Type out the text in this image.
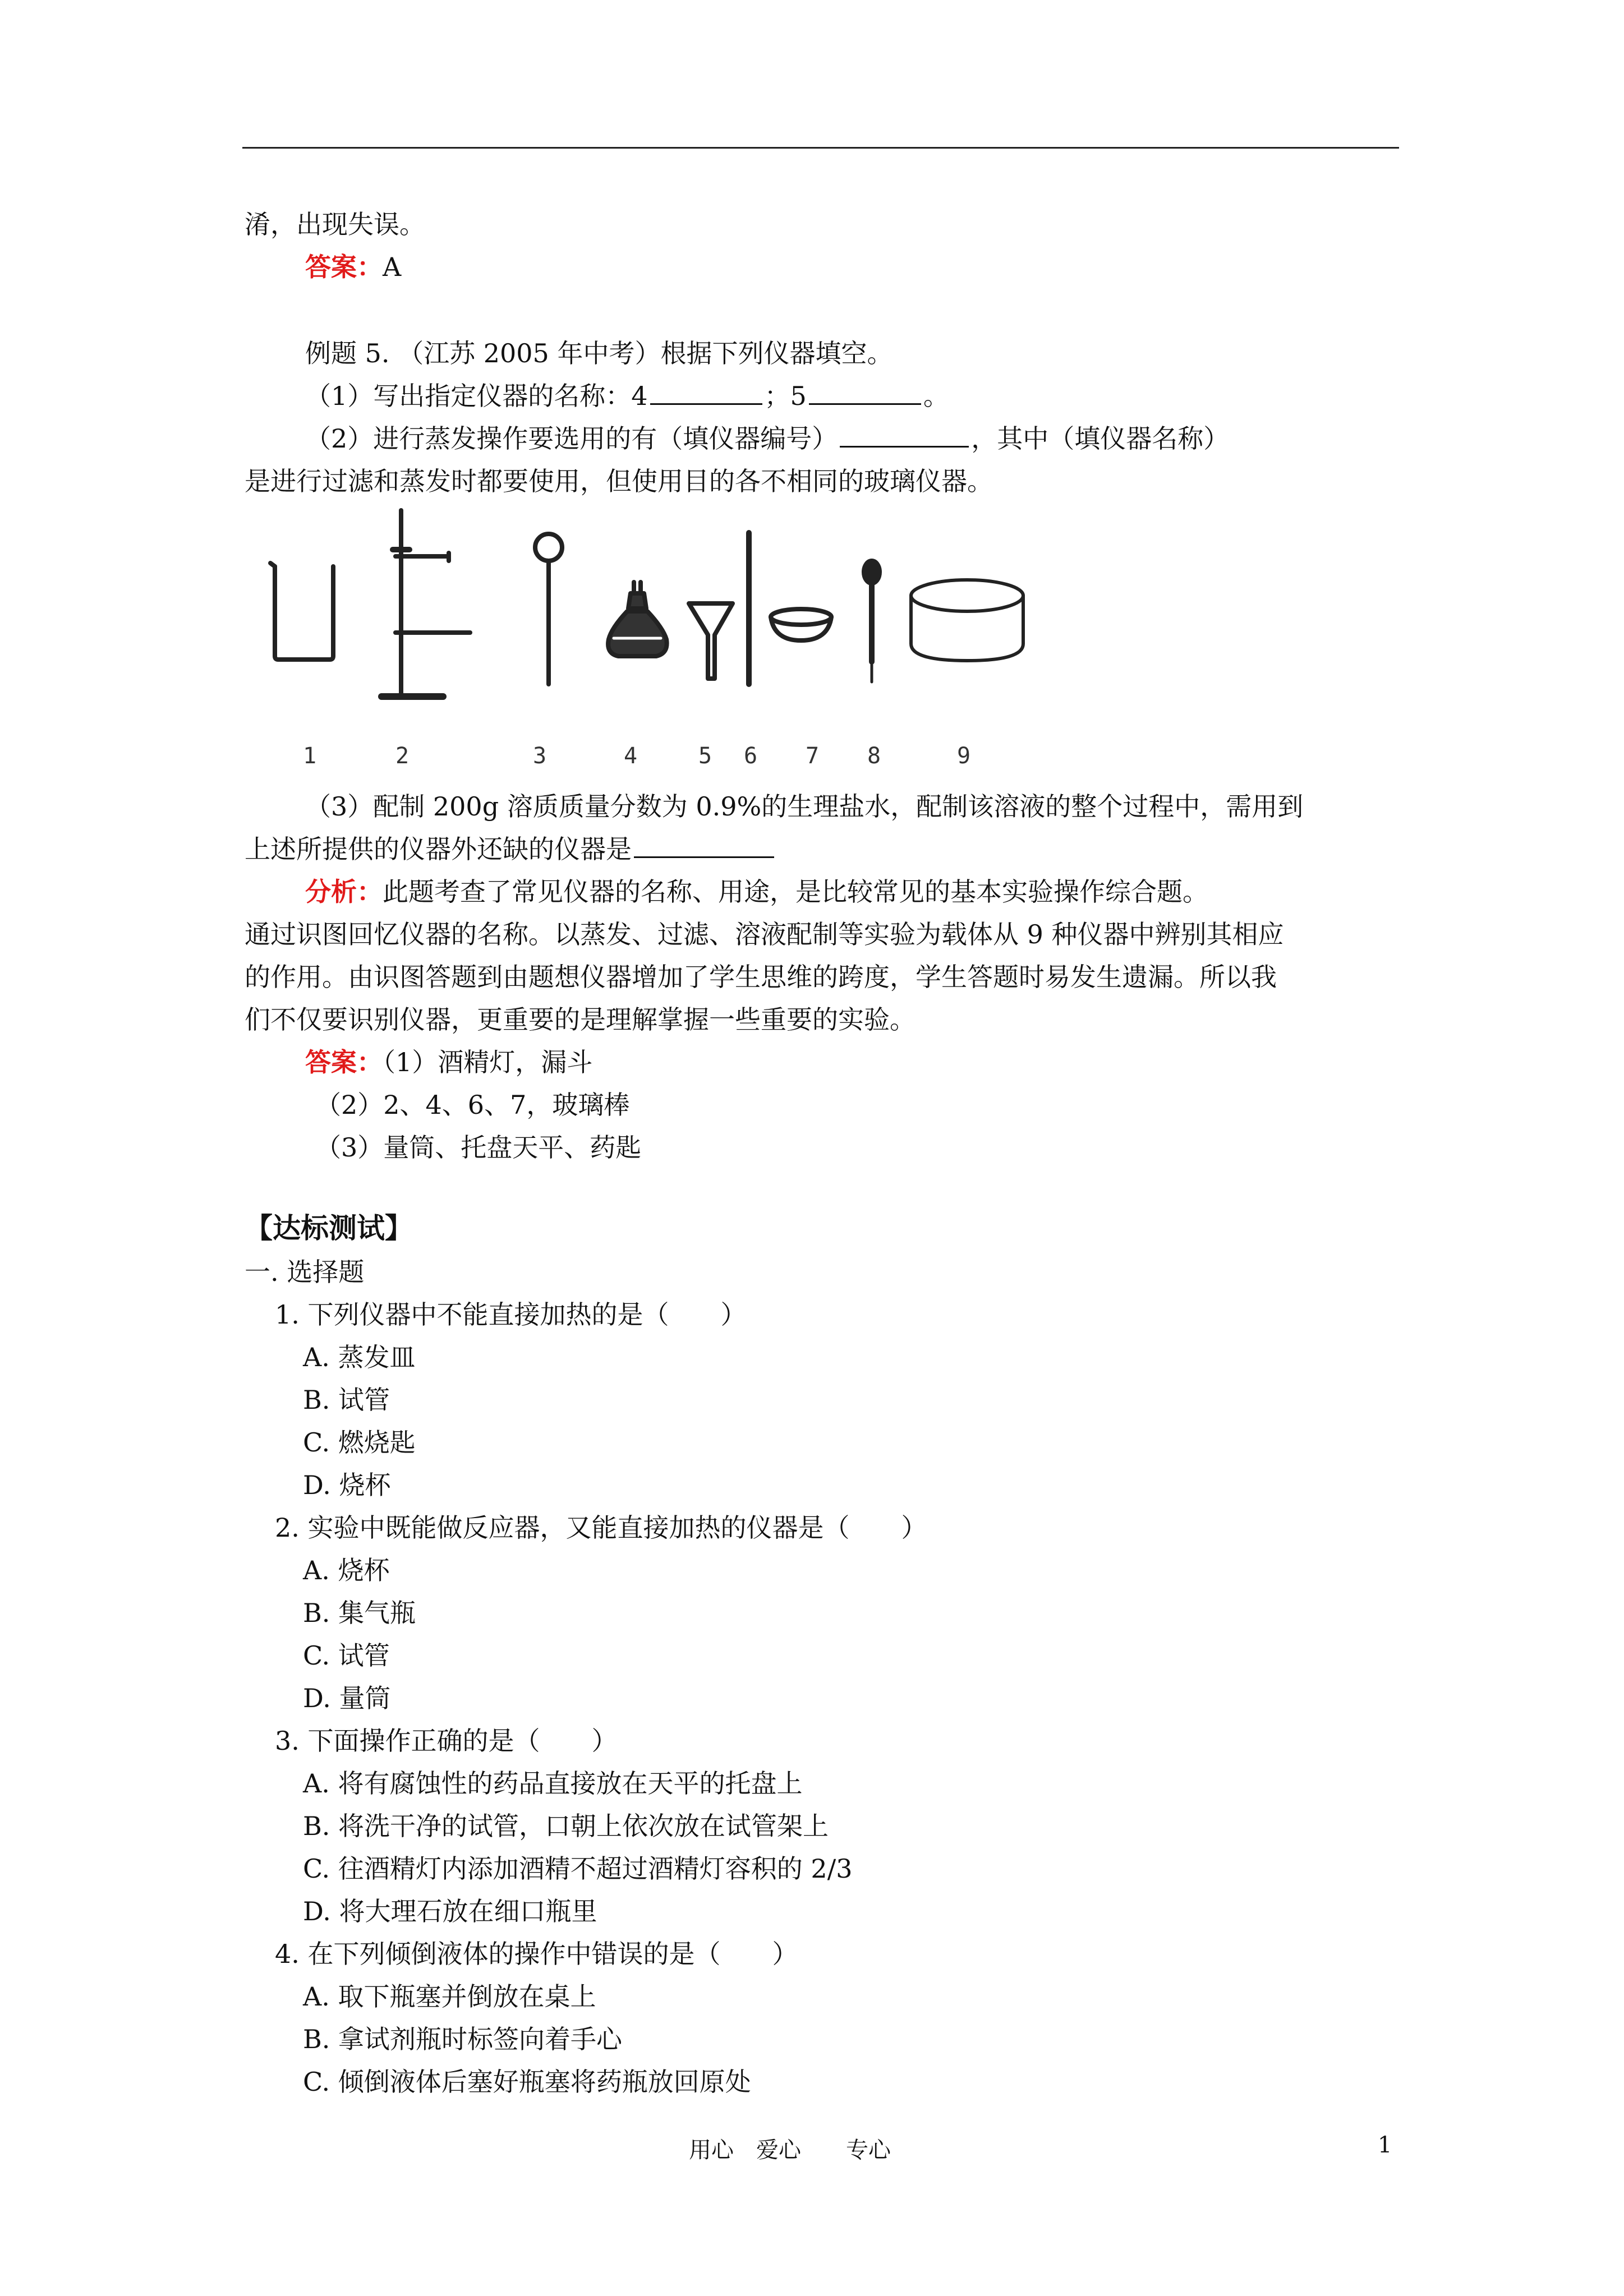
淆，出现失误。
答案：A
例题 5. （江苏 2005 年中考）根据下列仪器填空。
（1）写出指定仪器的名称：4	；5	。
（2）进行蒸发操作要选用的有（填仪器编号）	，其中（填仪器名称）
是进行过滤和蒸发时都要使用，但使用目的各不相同的玻璃仪器。
1	2	3	4	5 6 7 8	9
（3）配制 200g 溶质质量分数为 0.9%的生理盐水，配制该溶液的整个过程中，需用到
上述所提供的仪器外还缺的仪器是
分析：此题考查了常见仪器的名称、用途，是比较常见的基本实验操作综合题。
通过识图回忆仪器的名称。以蒸发、过滤、溶液配制等实验为载体从 9 种仪器中辨别其相应
的作用。由识图答题到由题想仪器增加了学生思维的跨度，学生答题时易发生遗漏。所以我
们不仅要识别仪器，更重要的是理解掌握一些重要的实验。
答案：（1）酒精灯，漏斗
（2）2、4、6、7，玻璃棒
（3）量筒、托盘天平、药匙
【达标测试】
一. 选择题
1. 下列仪器中不能直接加热的是（　　）
A. 蒸发皿
B. 试管
C. 燃烧匙
D. 烧杯
2. 实验中既能做反应器，又能直接加热的仪器是（　　）
A. 烧杯
B. 集气瓶
C. 试管
D. 量筒
3. 下面操作正确的是（　　）
A. 将有腐蚀性的药品直接放在天平的托盘上
B. 将洗干净的试管，口朝上依次放在试管架上
C. 往酒精灯内添加酒精不超过酒精灯容积的 2/3
D. 将大理石放在细口瓶里
4. 在下列倾倒液体的操作中错误的是（　　）
A. 取下瓶塞并倒放在桌上
B. 拿试剂瓶时标签向着手心
C. 倾倒液体后塞好瓶塞将药瓶放回原处
用心　爱心　　专心	1
